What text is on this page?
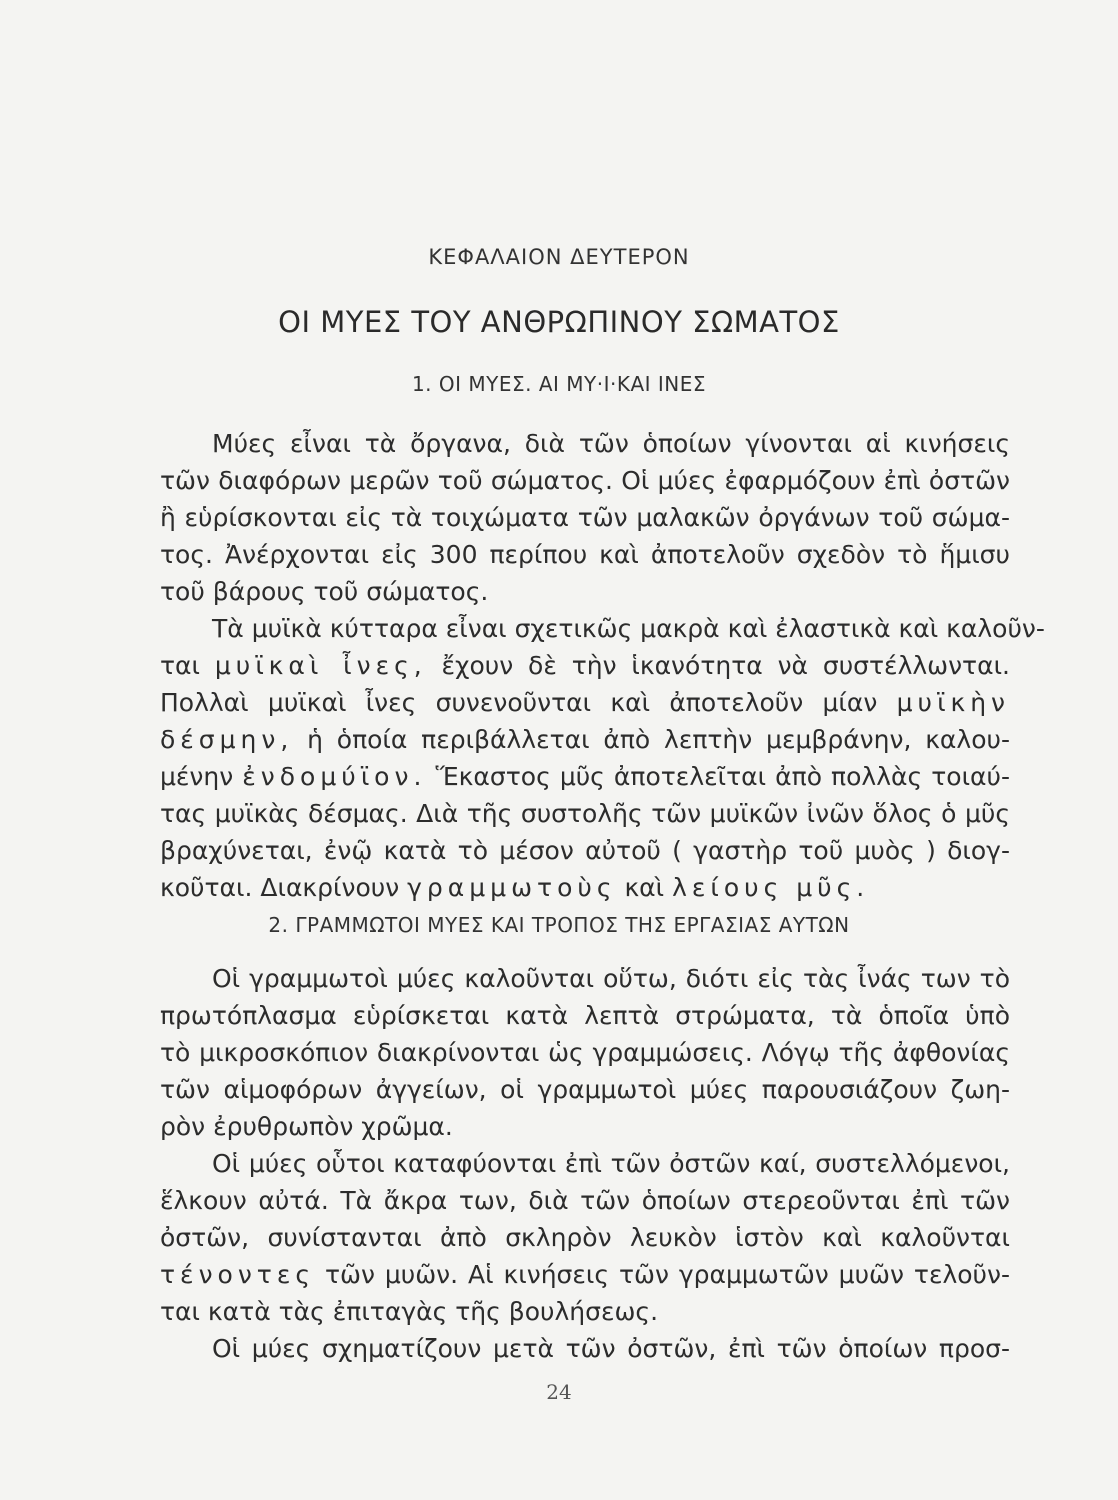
ΚΕΦΑΛΑΙΟΝ ΔΕΥΤΕΡΟΝ
ΟΙ ΜΥΕΣ ΤΟΥ ΑΝΘΡΩΠΙΝΟΥ ΣΩΜΑΤΟΣ
1. ΟΙ ΜΥΕΣ. ΑΙ ΜΥ·Ι·ΚΑΙ ΙΝΕΣ
Μύες εἶναι τὰ ὄργανα, διὰ τῶν ὁποίων γίνονται αἱ κινήσεις
τῶν διαφόρων μερῶν τοῦ σώματος. Οἱ μύες ἐφαρμόζουν ἐπὶ ὀστῶν
ἢ εὑρίσκονται εἰς τὰ τοιχώματα τῶν μαλακῶν ὀργάνων τοῦ σώμα-
τος. Ἀνέρχονται εἰς 300 περίπου καὶ ἀποτελοῦν σχεδὸν τὸ ἥμισυ
τοῦ βάρους τοῦ σώματος.
Τὰ μυϊκὰ κύτταρα εἶναι σχετικῶς μακρὰ καὶ ἐλαστικὰ καὶ καλοῦν-
ται μυϊκαὶ ἶνες, ἔχουν δὲ τὴν ἱκανότητα νὰ συστέλλωνται.
Πολλαὶ μυϊκαὶ ἶνες συνενοῦνται καὶ ἀποτελοῦν μίαν μυϊκὴν
δέσμην, ἡ ὁποία περιβάλλεται ἀπὸ λεπτὴν μεμβράνην, καλου-
μένην ἐνδομύϊον. Ἕκαστος μῦς ἀποτελεῖται ἀπὸ πολλὰς τοιαύ-
τας μυϊκὰς δέσμας. Διὰ τῆς συστολῆς τῶν μυϊκῶν ἰνῶν ὅλος ὁ μῦς
βραχύνεται, ἐνῷ κατὰ τὸ μέσον αὐτοῦ ( γαστὴρ τοῦ μυὸς ) διογ-
κοῦται. Διακρίνουν γραμμωτοὺς καὶ λείους μῦς.
2. ΓΡΑΜΜΩΤΟΙ ΜΥΕΣ ΚΑΙ ΤΡΟΠΟΣ ΤΗΣ ΕΡΓΑΣΙΑΣ ΑΥΤΩΝ
Οἱ γραμμωτοὶ μύες καλοῦνται οὕτω, διότι εἰς τὰς ἶνάς των τὸ
πρωτόπλασμα εὑρίσκεται κατὰ λεπτὰ στρώματα, τὰ ὁποῖα ὑπὸ
τὸ μικροσκόπιον διακρίνονται ὡς γραμμώσεις. Λόγῳ τῆς ἀφθονίας
τῶν αἱμοφόρων ἀγγείων, οἱ γραμμωτοὶ μύες παρουσιάζουν ζωη-
ρὸν ἐρυθρωπὸν χρῶμα.
Οἱ μύες οὗτοι καταφύονται ἐπὶ τῶν ὀστῶν καί, συστελλόμενοι,
ἕλκουν αὐτά. Τὰ ἄκρα των, διὰ τῶν ὁποίων στερεοῦνται ἐπὶ τῶν
ὀστῶν, συνίστανται ἀπὸ σκληρὸν λευκὸν ἱστὸν καὶ καλοῦνται
τένοντες τῶν μυῶν. Αἱ κινήσεις τῶν γραμμωτῶν μυῶν τελοῦν-
ται κατὰ τὰς ἐπιταγὰς τῆς βουλήσεως.
Οἱ μύες σχηματίζουν μετὰ τῶν ὀστῶν, ἐπὶ τῶν ὁποίων προσ-
24
